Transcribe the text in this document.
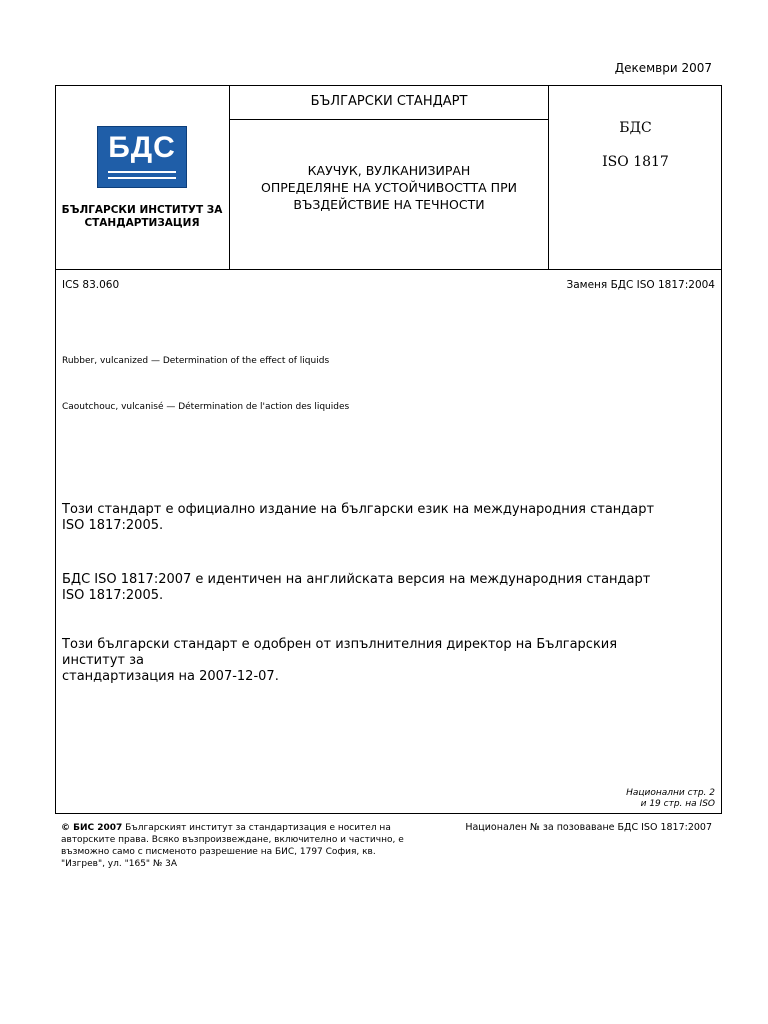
Декември 2007
БДС
БЪЛГАРСКИ ИНСТИТУТ ЗА СТАНДАРТИЗАЦИЯ
БЪЛГАРСКИ СТАНДАРТ
КАУЧУК, ВУЛКАНИЗИРАН
ОПРЕДЕЛЯНЕ НА УСТОЙЧИВОСТТА ПРИ
ВЪЗДЕЙСТВИЕ НА ТЕЧНОСТИ
БДС
ISO 1817
ICS 83.060	Заменя БДС ISO 1817:2004
Rubber, vulcanized — Determination of the effect of liquids
Caoutchouc, vulcanisé — Détermination de l'action des liquides
Този стандарт е официално издание на български език на международния стандарт
ISO 1817:2005.
БДС ISO 1817:2007 е идентичен на английската версия на международния стандарт
ISO 1817:2005.
Този български стандарт е одобрен от изпълнителния директор на Българския институт за
стандартизация на 2007-12-07.
Национални стр. 2
и 19 стр. на ISO
© БИС 2007 Българският институт за стандартизация е носител на авторските права. Всяко възпроизвеждане, включително и частично, е възможно само с писменото разрешение на БИС, 1797 София, кв. "Изгрев", ул. "165" № 3А
Национален № за позоваване БДС ISO 1817:2007
